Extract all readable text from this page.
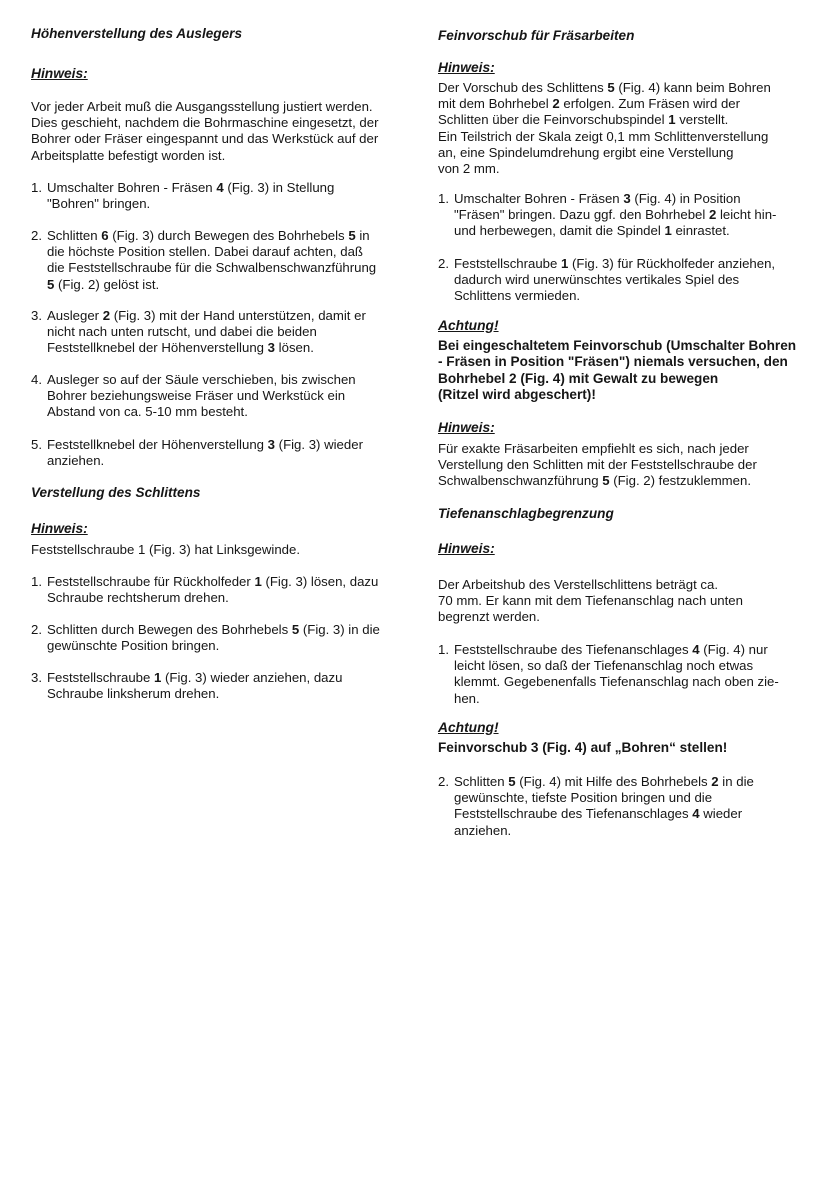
Höhenverstellung des Auslegers
Hinweis:
Vor jeder Arbeit muß die Ausgangsstellung justiert werden.
Dies geschieht, nachdem die Bohrmaschine eingesetzt, der
Bohrer oder Fräser eingespannt und das Werkstück auf der
Arbeitsplatte befestigt worden ist.
1. Umschalter Bohren - Fräsen 4 (Fig. 3) in Stellung
"Bohren" bringen.
2. Schlitten 6 (Fig. 3) durch Bewegen des Bohrhebels 5 in
die höchste Position stellen. Dabei darauf achten, daß
die Feststellschraube für die Schwalbenschwanzführung
5 (Fig. 2) gelöst ist.
3. Ausleger 2 (Fig. 3) mit der Hand unterstützen, damit er
nicht nach unten rutscht, und dabei die beiden
Feststellknebel der Höhenverstellung 3 lösen.
4. Ausleger so auf der Säule verschieben, bis zwischen
Bohrer beziehungsweise Fräser und Werkstück ein
Abstand von ca. 5-10 mm besteht.
5. Feststellknebel der Höhenverstellung 3 (Fig. 3) wieder
anziehen.
Verstellung des Schlittens
Hinweis:
Feststellschraube 1 (Fig. 3) hat Linksgewinde.
1. Feststellschraube für Rückholfeder 1 (Fig. 3) lösen, dazu
Schraube rechtsherum drehen.
2. Schlitten durch Bewegen des Bohrhebels 5 (Fig. 3) in die
gewünschte Position bringen.
3. Feststellschraube 1 (Fig. 3) wieder anziehen, dazu
Schraube linksherum drehen.
Feinvorschub für Fräsarbeiten
Hinweis:
Der Vorschub des Schlittens 5 (Fig. 4) kann beim Bohren
mit dem Bohrhebel 2 erfolgen. Zum Fräsen wird der
Schlitten über die Feinvorschubspindel 1 verstellt.
Ein Teilstrich der Skala zeigt 0,1 mm Schlittenverstellung
an, eine Spindelumdrehung ergibt eine Verstellung
von 2 mm.
1. Umschalter Bohren - Fräsen 3 (Fig. 4) in Position
"Fräsen" bringen. Dazu ggf. den Bohrhebel 2 leicht hin-
und herbewegen, damit die Spindel 1 einrastet.
2. Feststellschraube 1 (Fig. 3) für Rückholfeder anziehen,
dadurch wird unerwünschtes vertikales Spiel des
Schlittens vermieden.
Achtung!
Bei eingeschaltetem Feinvorschub (Umschalter Bohren
- Fräsen in Position "Fräsen") niemals versuchen, den
Bohrhebel 2 (Fig. 4) mit Gewalt zu bewegen
(Ritzel wird abgeschert)!
Hinweis:
Für exakte Fräsarbeiten empfiehlt es sich, nach jeder
Verstellung den Schlitten mit der Feststellschraube der
Schwalbenschwanzführung 5 (Fig. 2) festzuklemmen.
Tiefenanschlagbegrenzung
Hinweis:
Der Arbeitshub des Verstellschlittens beträgt ca.
70 mm. Er kann mit dem Tiefenanschlag nach unten
begrenzt werden.
1. Feststellschraube des Tiefenanschlages 4 (Fig. 4) nur
leicht lösen, so daß der Tiefenanschlag noch etwas
klemmt. Gegebenenfalls Tiefenanschlag nach oben zie-
hen.
Achtung!
Feinvorschub 3 (Fig. 4) auf „Bohren“ stellen!
2. Schlitten 5 (Fig. 4) mit Hilfe des Bohrhebels 2 in die
gewünschte, tiefste Position bringen und die
Feststellschraube des Tiefenanschlages 4 wieder
anziehen.
